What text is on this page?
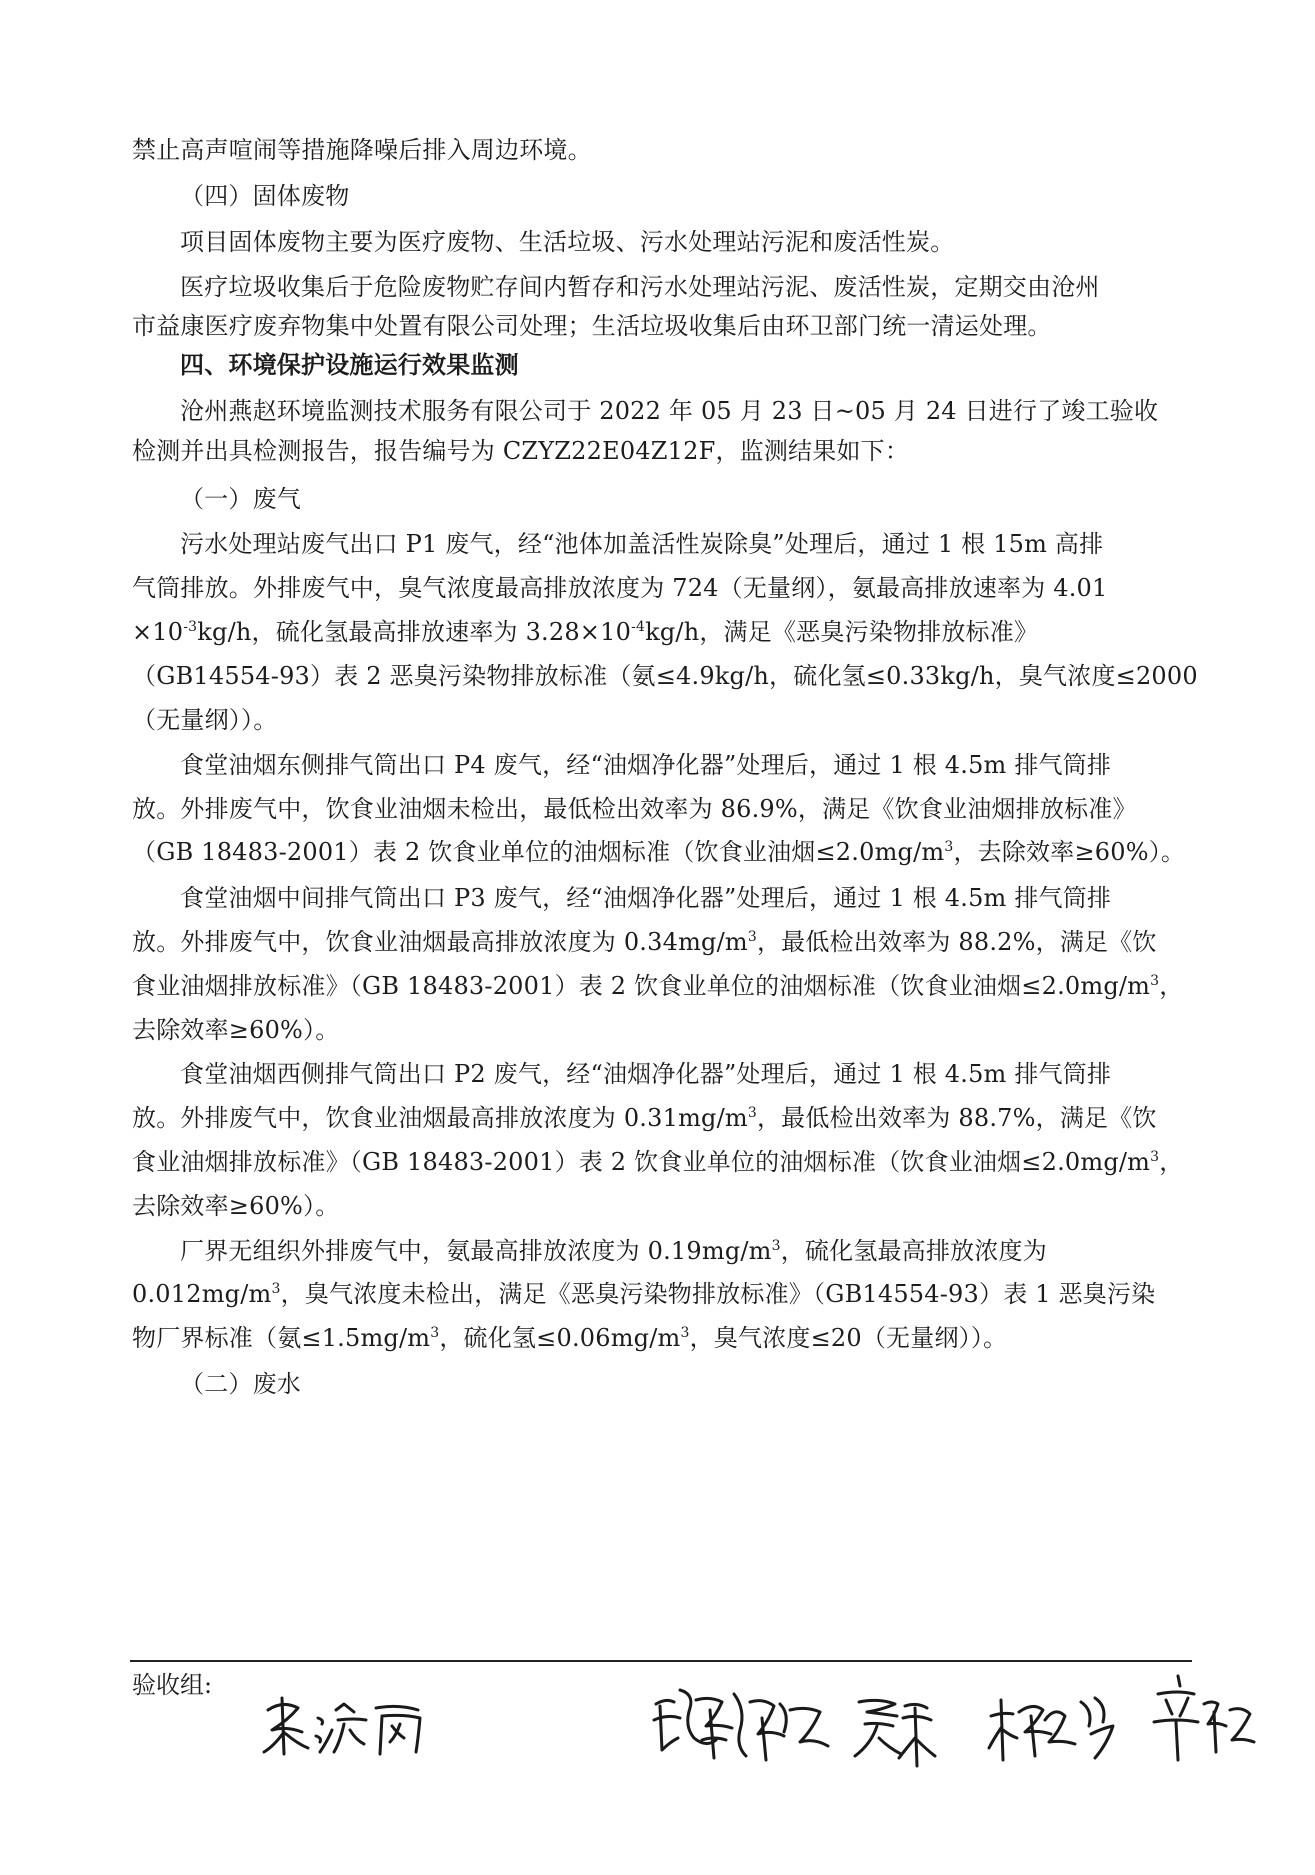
禁止高声喧闹等措施降噪后排入周边环境。
（四）固体废物
项目固体废物主要为医疗废物、生活垃圾、污水处理站污泥和废活性炭。
医疗垃圾收集后于危险废物贮存间内暂存和污水处理站污泥、废活性炭，定期交由沧州
市益康医疗废弃物集中处置有限公司处理；生活垃圾收集后由环卫部门统一清运处理。
四、环境保护设施运行效果监测
沧州燕赵环境监测技术服务有限公司于 2022 年 05 月 23 日~05 月 24 日进行了竣工验收
检测并出具检测报告，报告编号为 CZYZ22E04Z12F，监测结果如下：
（一）废气
污水处理站废气出口 P1 废气，经“池体加盖活性炭除臭”处理后，通过 1 根 15m 高排
气筒排放。外排废气中，臭气浓度最高排放浓度为 724（无量纲），氨最高排放速率为 4.01
$\times 10^{-3}kg/h$，硫化氢最高排放速率为 $3.28\times 10^{-4}kg/h$，满足《恶臭污染物排放标准》
（GB14554-93）表 2 恶臭污染物排放标准（氨≤4.9kg/h，硫化氢≤0.33kg/h，臭气浓度≤2000
（无量纲））。
食堂油烟东侧排气筒出口 P4 废气，经“油烟净化器”处理后，通过 1 根 4.5m 排气筒排
放。外排废气中，饮食业油烟未检出，最低检出效率为 86.9%，满足《饮食业油烟排放标准》
（GB 18483-2001）表 2 饮食业单位的油烟标准（饮食业油烟$\le 2.0mg/m^3$，去除效率≥60%）。
食堂油烟中间排气筒出口 P3 废气，经“油烟净化器”处理后，通过 1 根 4.5m 排气筒排
放。外排废气中，饮食业油烟最高排放浓度为 $0.34mg/m^3$，最低检出效率为 88.2%，满足《饮
食业油烟排放标准》（GB 18483-2001）表 2 饮食业单位的油烟标准（饮食业油烟$\le 2.0mg/m^3$，
去除效率≥60%）。
食堂油烟西侧排气筒出口 P2 废气，经“油烟净化器”处理后，通过 1 根 4.5m 排气筒排
放。外排废气中，饮食业油烟最高排放浓度为 $0.31mg/m^3$，最低检出效率为 88.7%，满足《饮
食业油烟排放标准》（GB 18483-2001）表 2 饮食业单位的油烟标准（饮食业油烟$\le 2.0mg/m^3$，
去除效率≥60%）。
厂界无组织外排废气中，氨最高排放浓度为 $0.19mg/m^3$，硫化氢最高排放浓度为
$0.012mg/m^3$，臭气浓度未检出，满足《恶臭污染物排放标准》（GB14554-93）表 1 恶臭污染
物厂界标准（氨$\le 1.5mg/m^3$，硫化氢$\le 0.06mg/m^3$，臭气浓度≤20（无量纲））。
（二）废水
验收组:
